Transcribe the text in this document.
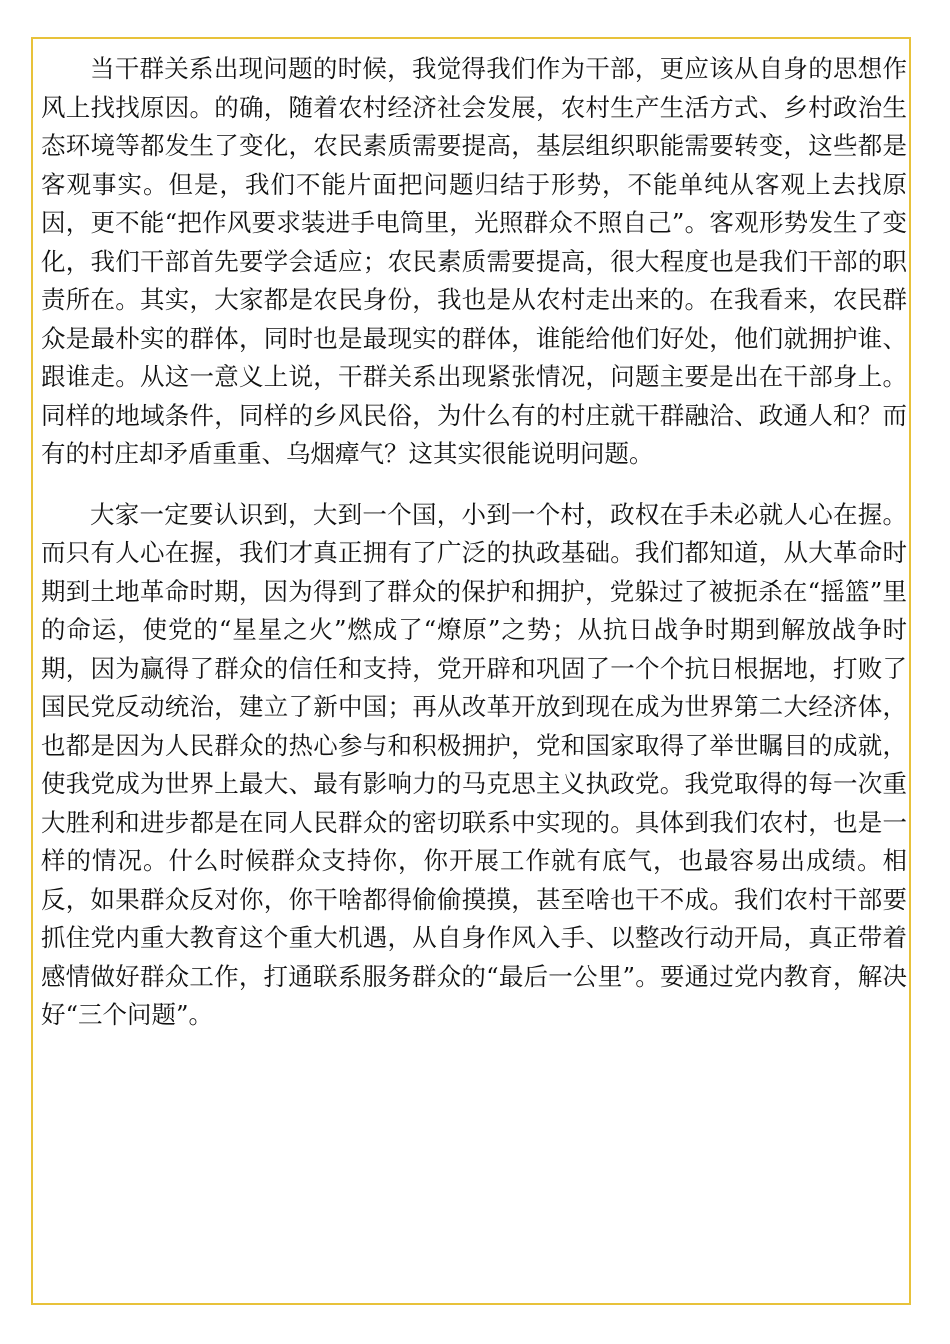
当干群关系出现问题的时候，我觉得我们作为干部，更应该从自身的思想作风上找找原因。的确，随着农村经济社会发展，农村生产生活方式、乡村政治生态环境等都发生了变化，农民素质需要提高，基层组织职能需要转变，这些都是客观事实。但是，我们不能片面把问题归结于形势，不能单纯从客观上去找原因，更不能“把作风要求装进手电筒里，光照群众不照自己”。客观形势发生了变化，我们干部首先要学会适应；农民素质需要提高，很大程度也是我们干部的职责所在。其实，大家都是农民身份，我也是从农村走出来的。在我看来，农民群众是最朴实的群体，同时也是最现实的群体，谁能给他们好处，他们就拥护谁、跟谁走。从这一意义上说，干群关系出现紧张情况，问题主要是出在干部身上。同样的地域条件，同样的乡风民俗，为什么有的村庄就干群融洽、政通人和？而有的村庄却矛盾重重、乌烟瘴气？这其实很能说明问题。

大家一定要认识到，大到一个国，小到一个村，政权在手未必就人心在握。而只有人心在握，我们才真正拥有了广泛的执政基础。我们都知道，从大革命时期到土地革命时期，因为得到了群众的保护和拥护，党躲过了被扼杀在“摇篮”里的命运，使党的“星星之火”燃成了“燎原”之势；从抗日战争时期到解放战争时期，因为赢得了群众的信任和支持，党开辟和巩固了一个个抗日根据地，打败了国民党反动统治，建立了新中国；再从改革开放到现在成为世界第二大经济体，也都是因为人民群众的热心参与和积极拥护，党和国家取得了举世瞩目的成就，使我党成为世界上最大、最有影响力的马克思主义执政党。我党取得的每一次重大胜利和进步都是在同人民群众的密切联系中实现的。具体到我们农村，也是一样的情况。什么时候群众支持你，你开展工作就有底气，也最容易出成绩。相反，如果群众反对你，你干啥都得偷偷摸摸，甚至啥也干不成。我们农村干部要抓住党内重大教育这个重大机遇，从自身作风入手、以整改行动开局，真正带着感情做好群众工作，打通联系服务群众的“最后一公里”。要通过党内教育，解决好“三个问题”。
